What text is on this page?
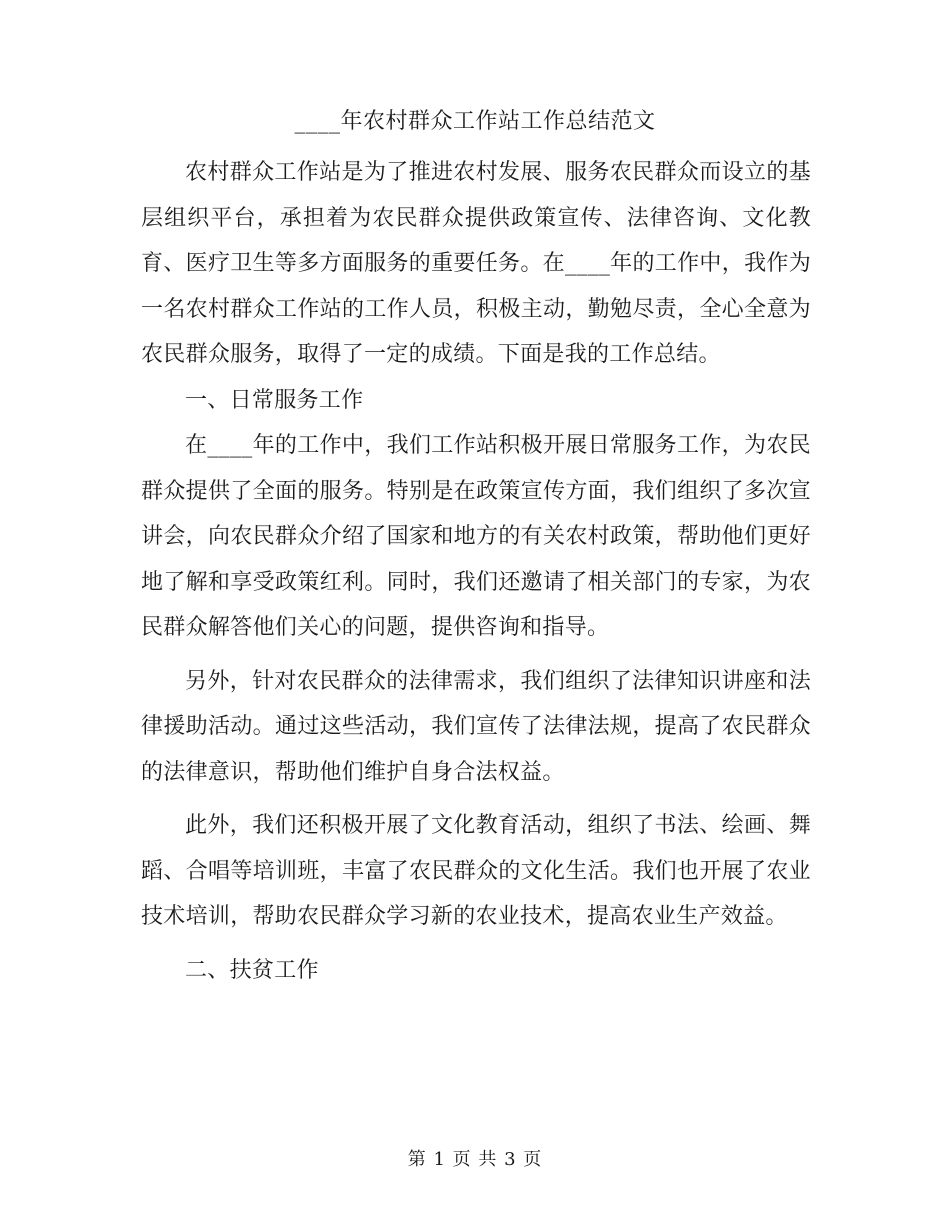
____年农村群众工作站工作总结范文

农村群众工作站是为了推进农村发展、服务农民群众而设立的基层组织平台，承担着为农民群众提供政策宣传、法律咨询、文化教育、医疗卫生等多方面服务的重要任务。在____年的工作中，我作为一名农村群众工作站的工作人员，积极主动，勤勉尽责，全心全意为农民群众服务，取得了一定的成绩。下面是我的工作总结。

一、日常服务工作

在____年的工作中，我们工作站积极开展日常服务工作，为农民群众提供了全面的服务。特别是在政策宣传方面，我们组织了多次宣讲会，向农民群众介绍了国家和地方的有关农村政策，帮助他们更好地了解和享受政策红利。同时，我们还邀请了相关部门的专家，为农民群众解答他们关心的问题，提供咨询和指导。

另外，针对农民群众的法律需求，我们组织了法律知识讲座和法律援助活动。通过这些活动，我们宣传了法律法规，提高了农民群众的法律意识，帮助他们维护自身合法权益。

此外，我们还积极开展了文化教育活动，组织了书法、绘画、舞蹈、合唱等培训班，丰富了农民群众的文化生活。我们也开展了农业技术培训，帮助农民群众学习新的农业技术，提高农业生产效益。

二、扶贫工作

第 1 页 共 3 页
